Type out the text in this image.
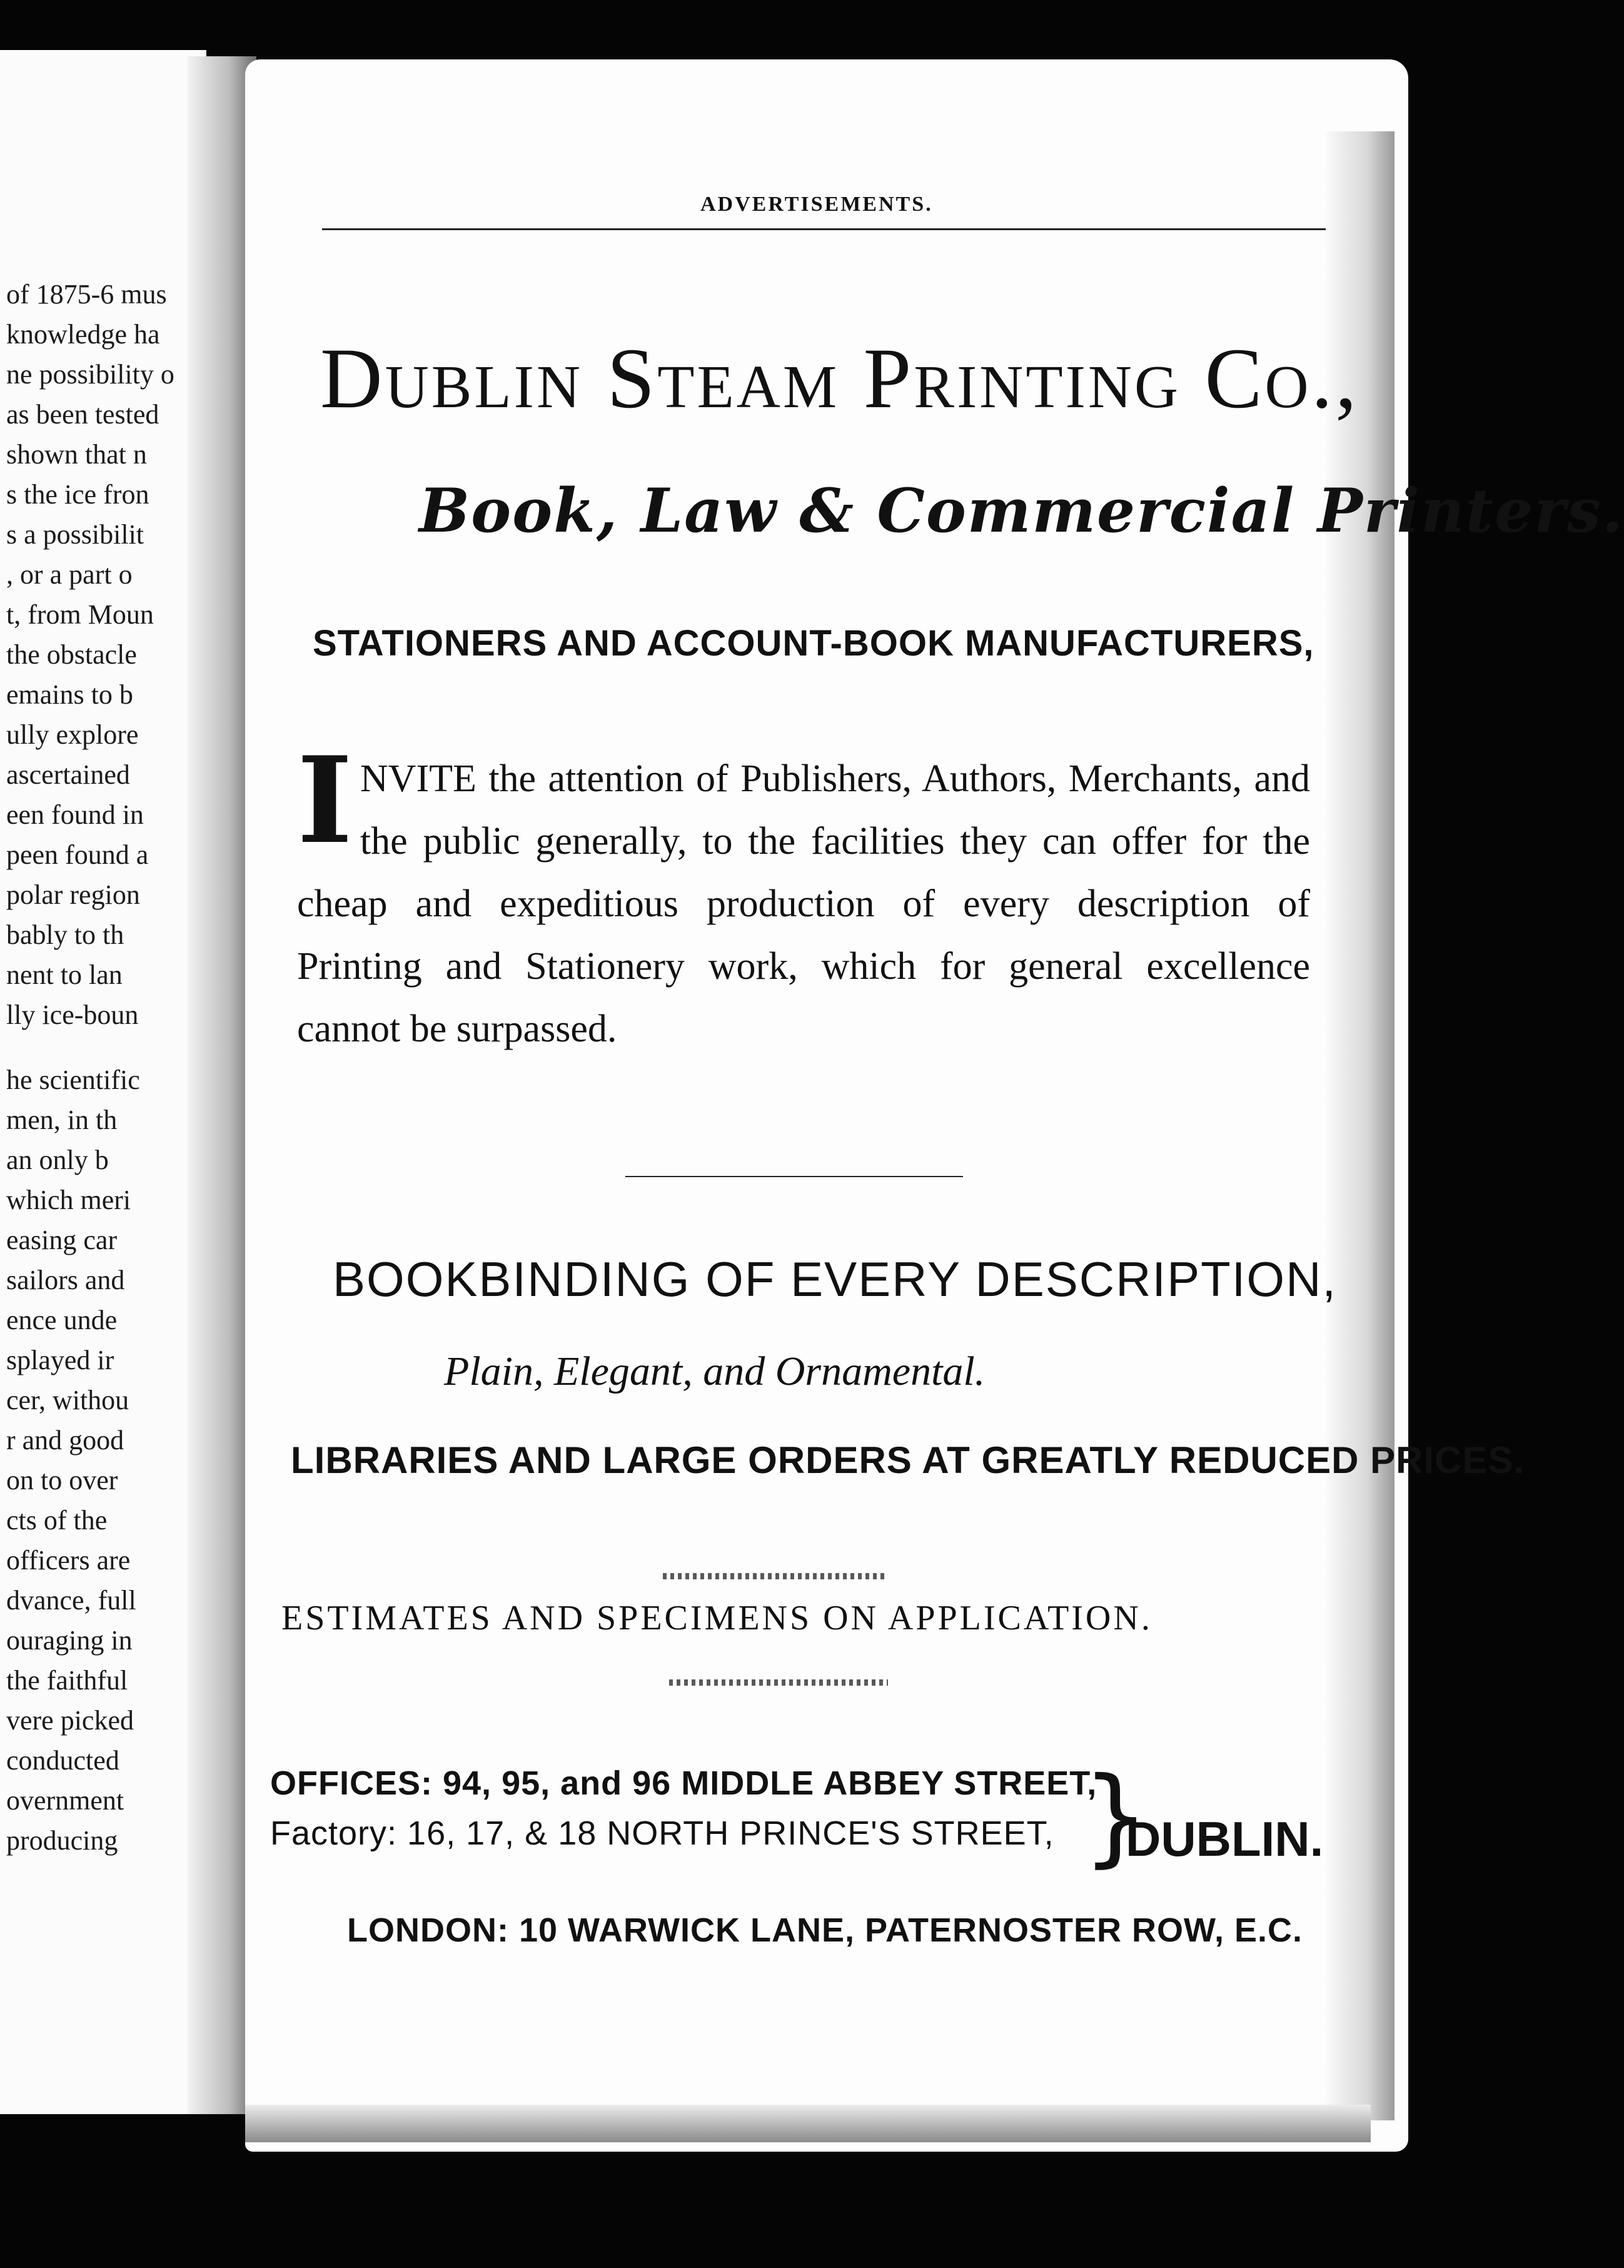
of 1875-6 mus
knowledge ha
ne possibility o
as been tested
shown that n
s the ice fron
s a possibilit
, or a part o
t, from Moun
the obstacle
emains to b
ully explore
ascertained
een found in
peen found a
polar region
bably to th
nent to lan
lly ice-boun
he scientific
men, in th
an only b
which meri
easing car
sailors and
ence unde
splayed ir
cer, withou
r and good
on to over
cts of the
officers are
dvance, full
ouraging in
the faithful
vere picked
conducted
overnment
producing
ADVERTISEMENTS.
Dublin Steam Printing Co.,
Book, Law & Commercial Printers.
STATIONERS AND ACCOUNT-BOOK MANUFACTURERS,
INVITE the attention of Publishers, Authors, Merchants, and the public generally, to the facilities they can offer for the cheap and expeditious production of every description of Printing and Stationery work, which for general excellence cannot be surpassed.
BOOKBINDING OF EVERY DESCRIPTION,
Plain, Elegant, and Ornamental.
LIBRARIES AND LARGE ORDERS AT GREATLY REDUCED PRICES.
ESTIMATES AND SPECIMENS ON APPLICATION.
OFFICES: 94, 95, and 96 MIDDLE ABBEY STREET,
Factory: 16, 17, & 18 NORTH PRINCE'S STREET, }
DUBLIN.
LONDON: 10 WARWICK LANE, PATERNOSTER ROW, E.C.
